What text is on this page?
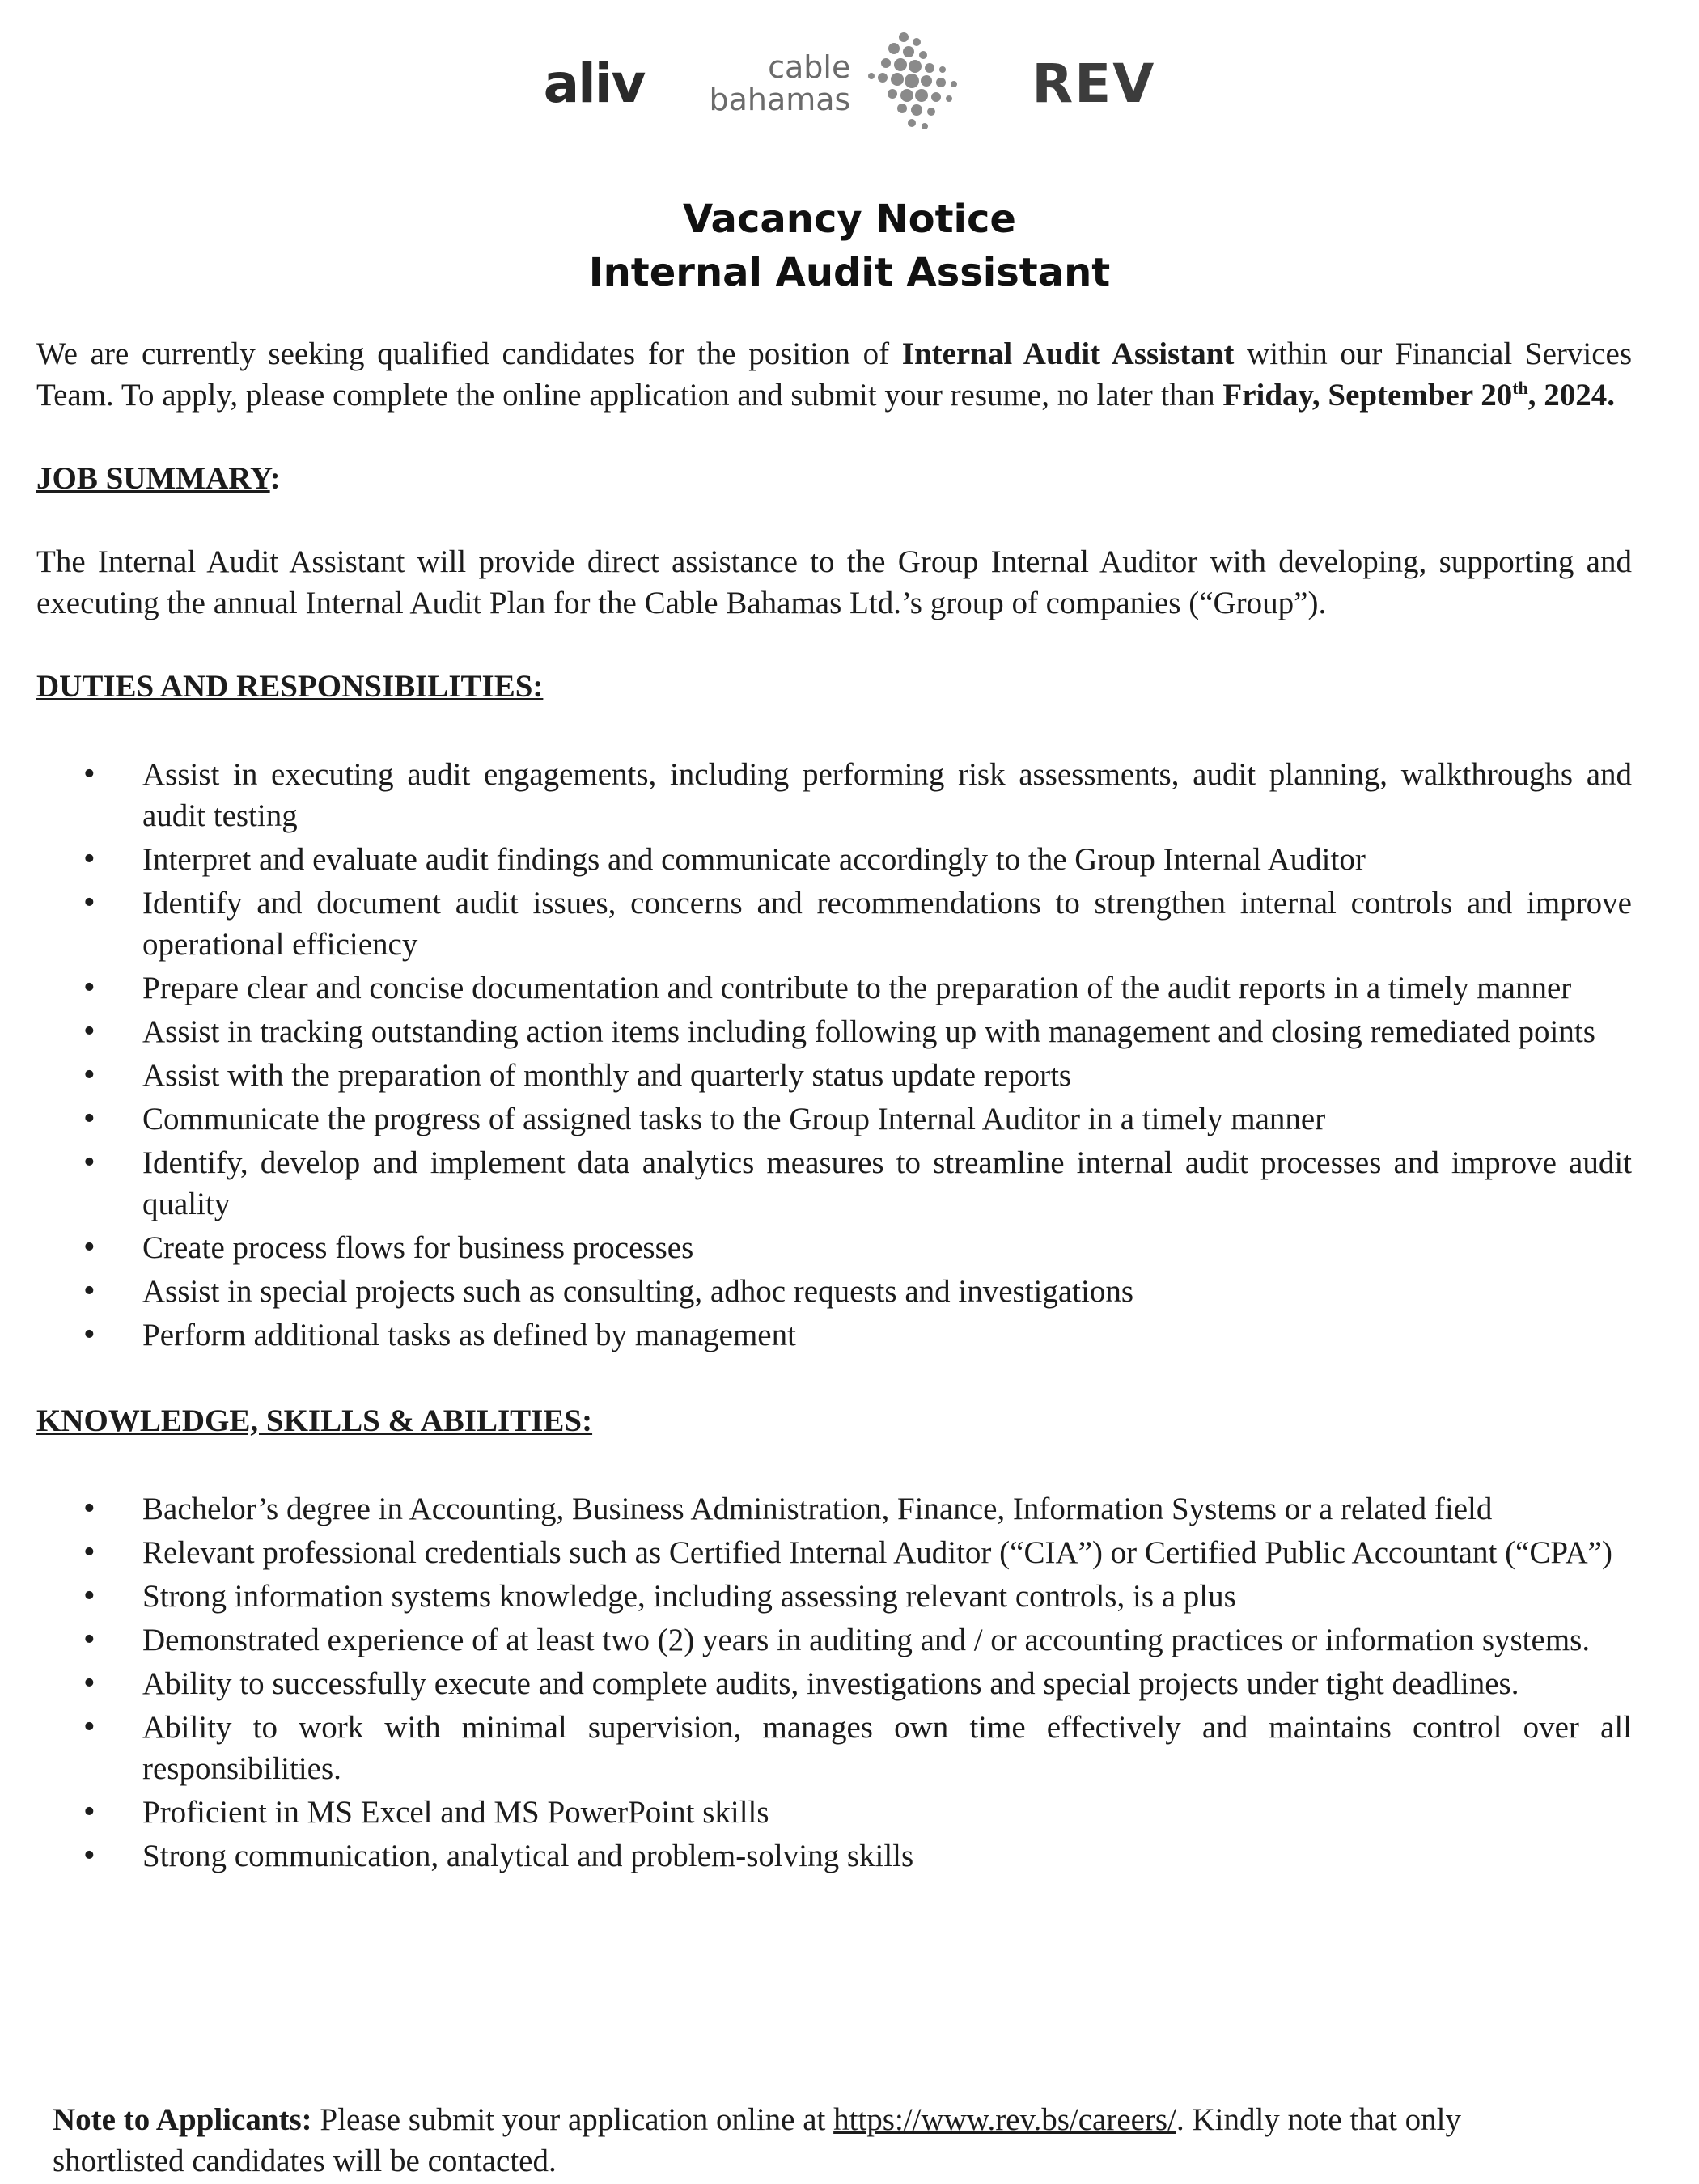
aliv	cable
bahamas	REV
Vacancy Notice
Internal Audit Assistant

We are currently seeking qualified candidates for the position of Internal Audit Assistant within our Financial Services Team. To apply, please complete the online application and submit your resume, no later than Friday, September 20th, 2024.

JOB SUMMARY:

The Internal Audit Assistant will provide direct assistance to the Group Internal Auditor with developing, supporting and executing the annual Internal Audit Plan for the Cable Bahamas Ltd.’s group of companies (“Group”).

DUTIES AND RESPONSIBILITIES:

• Assist in executing audit engagements, including performing risk assessments, audit planning, walkthroughs and audit testing
• Interpret and evaluate audit findings and communicate accordingly to the Group Internal Auditor
• Identify and document audit issues, concerns and recommendations to strengthen internal controls and improve operational efficiency
• Prepare clear and concise documentation and contribute to the preparation of the audit reports in a timely manner
• Assist in tracking outstanding action items including following up with management and closing remediated points
• Assist with the preparation of monthly and quarterly status update reports
• Communicate the progress of assigned tasks to the Group Internal Auditor in a timely manner
• Identify, develop and implement data analytics measures to streamline internal audit processes and improve audit quality
• Create process flows for business processes
• Assist in special projects such as consulting, adhoc requests and investigations
• Perform additional tasks as defined by management

KNOWLEDGE, SKILLS & ABILITIES:

• Bachelor’s degree in Accounting, Business Administration, Finance, Information Systems or a related field
• Relevant professional credentials such as Certified Internal Auditor (“CIA”) or Certified Public Accountant (“CPA”)
• Strong information systems knowledge, including assessing relevant controls, is a plus
• Demonstrated experience of at least two (2) years in auditing and / or accounting practices or information systems.
• Ability to successfully execute and complete audits, investigations and special projects under tight deadlines.
• Ability to work with minimal supervision, manages own time effectively and maintains control over all responsibilities.
• Proficient in MS Excel and MS PowerPoint skills
• Strong communication, analytical and problem-solving skills
Note to Applicants: Please submit your application online at https://www.rev.bs/careers/. Kindly note that only shortlisted candidates will be contacted.
